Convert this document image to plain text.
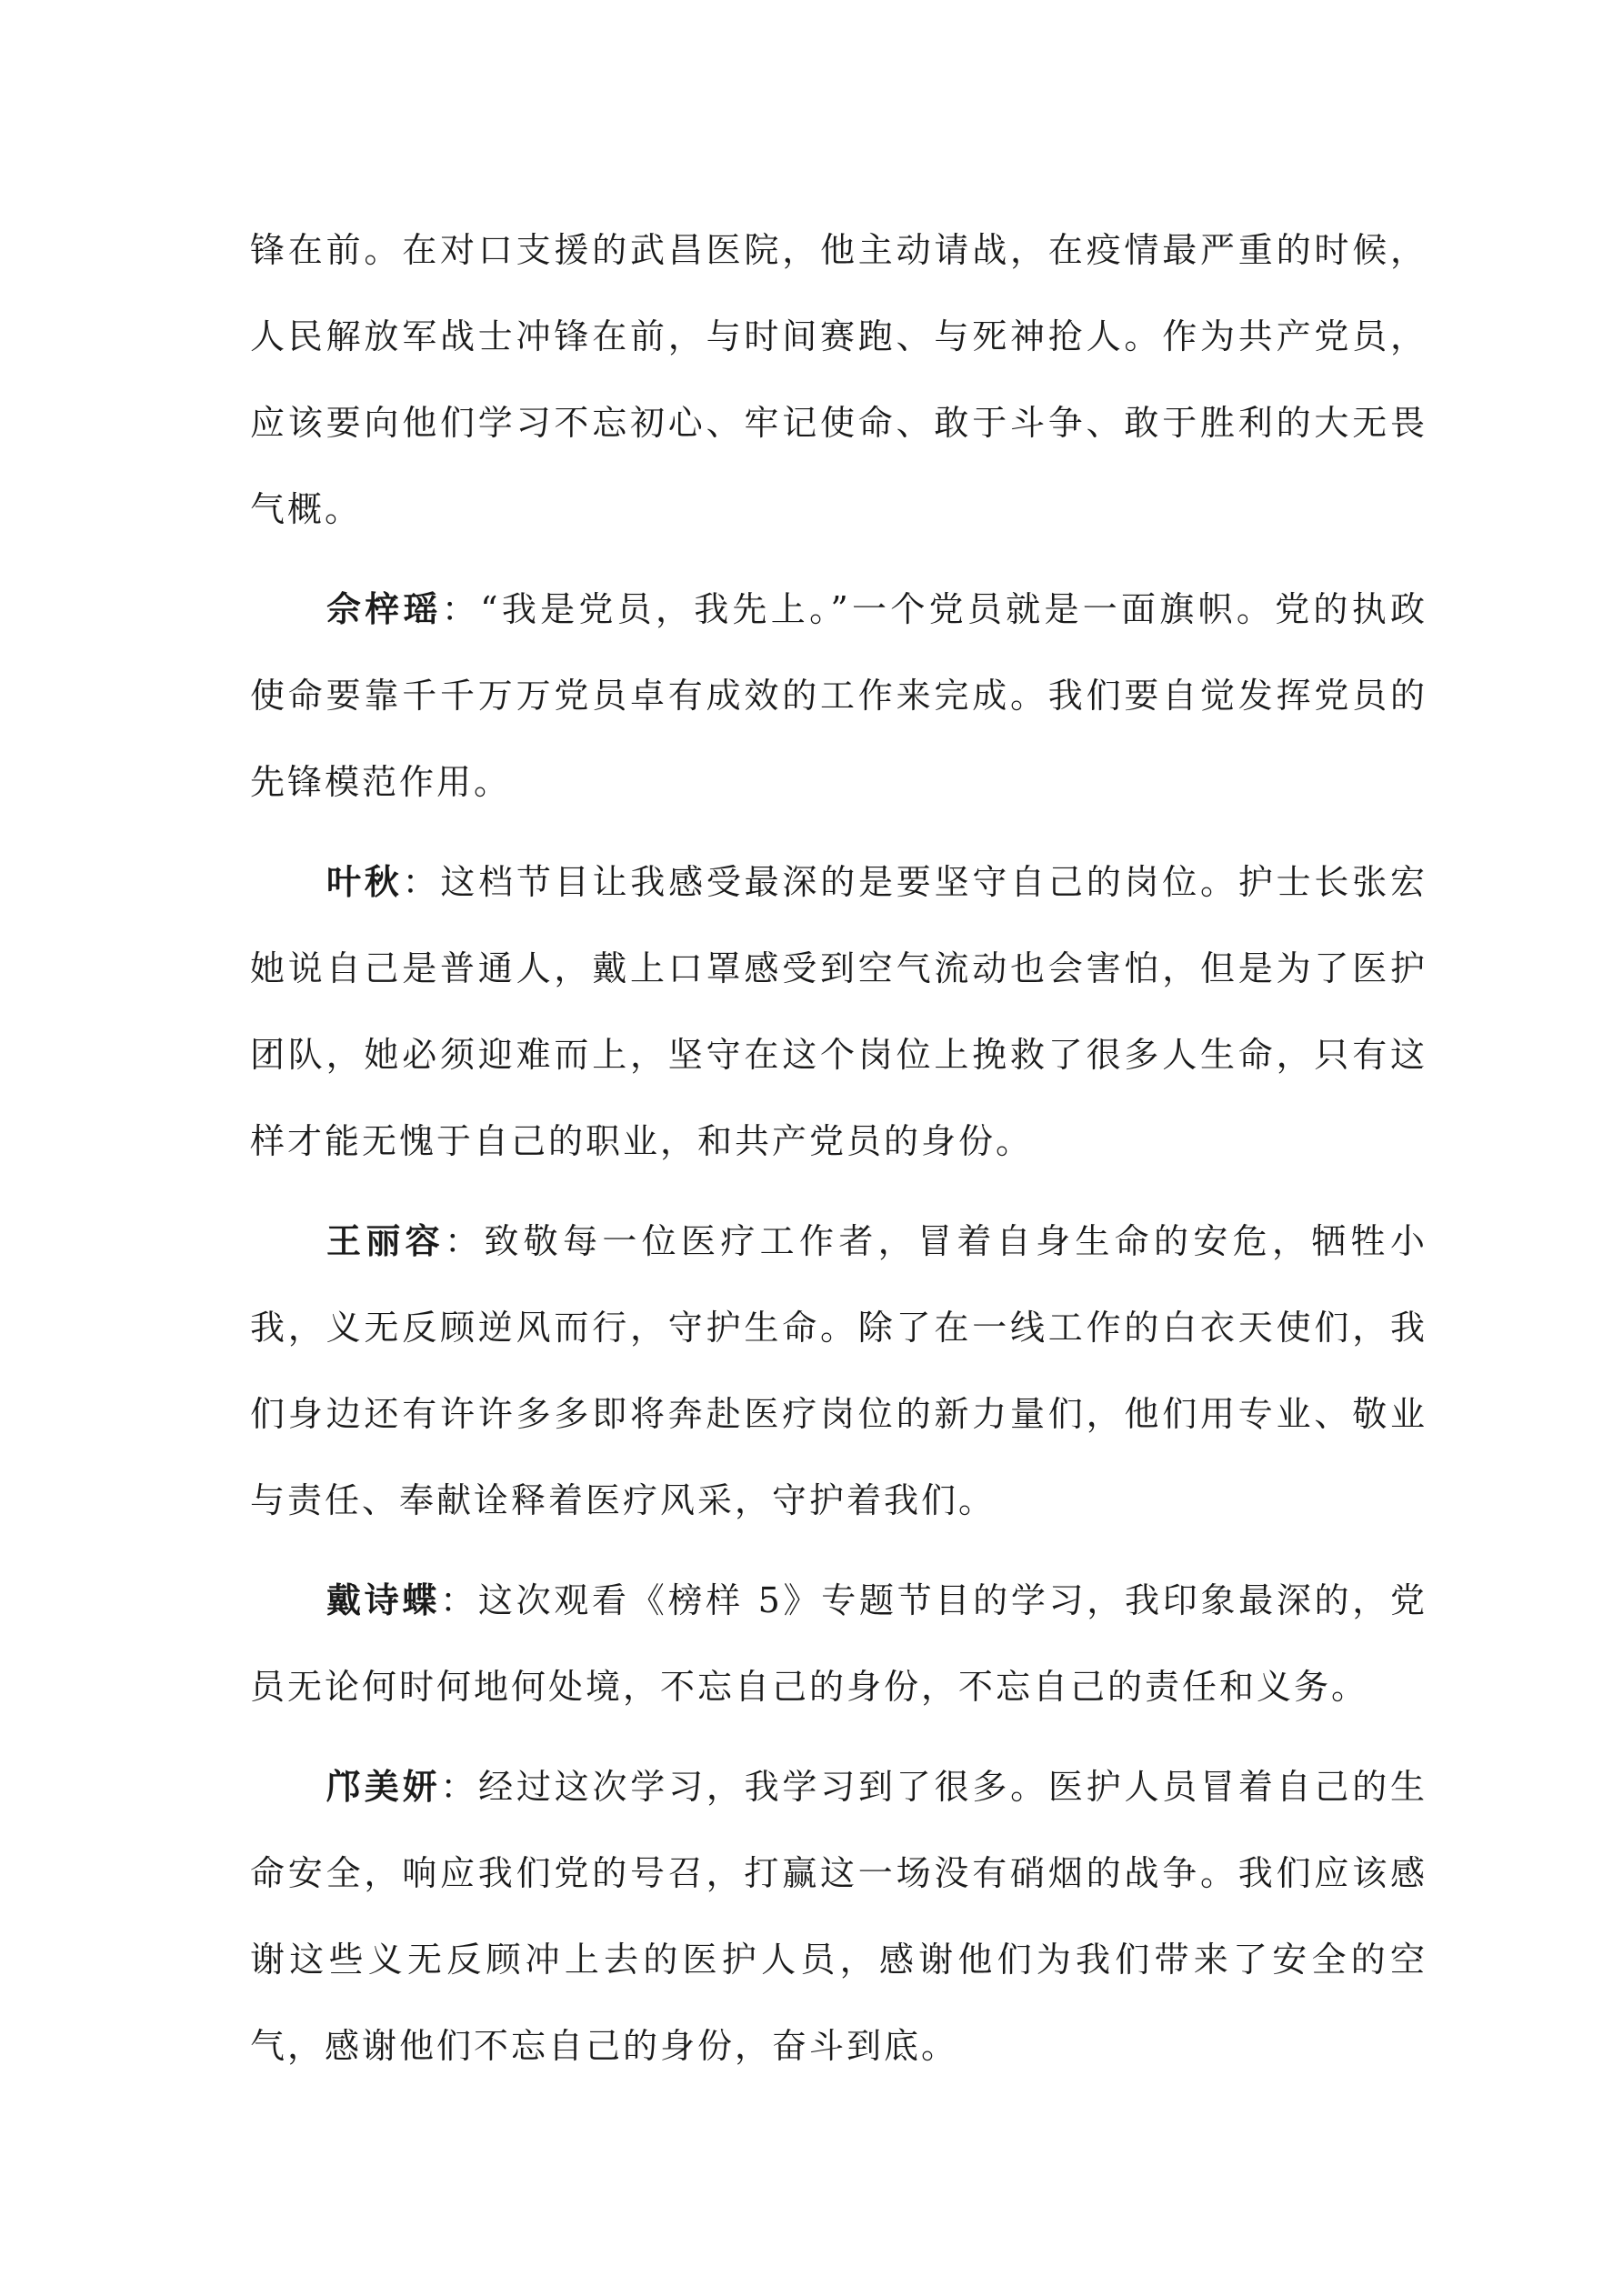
锋在前。在对口支援的武昌医院，他主动请战，在疫情最严重的时候，人民解放军战士冲锋在前，与时间赛跑、与死神抢人。作为共产党员，应该要向他们学习不忘初心、牢记使命、敢于斗争、敢于胜利的大无畏气概。

佘梓瑶：“我是党员，我先上。”一个党员就是一面旗帜。党的执政使命要靠千千万万党员卓有成效的工作来完成。我们要自觉发挥党员的先锋模范作用。

叶秋：这档节目让我感受最深的是要坚守自己的岗位。护士长张宏她说自己是普通人，戴上口罩感受到空气流动也会害怕，但是为了医护团队，她必须迎难而上，坚守在这个岗位上挽救了很多人生命，只有这样才能无愧于自己的职业，和共产党员的身份。

王丽容：致敬每一位医疗工作者，冒着自身生命的安危，牺牲小我，义无反顾逆风而行，守护生命。除了在一线工作的白衣天使们，我们身边还有许许多多即将奔赴医疗岗位的新力量们，他们用专业、敬业与责任、奉献诠释着医疗风采，守护着我们。

戴诗蝶：这次观看《榜样 5》专题节目的学习，我印象最深的，党员无论何时何地何处境，不忘自己的身份，不忘自己的责任和义务。

邝美妍：经过这次学习，我学习到了很多。医护人员冒着自己的生命安全，响应我们党的号召，打赢这一场没有硝烟的战争。我们应该感谢这些义无反顾冲上去的医护人员，感谢他们为我们带来了安全的空气，感谢他们不忘自己的身份，奋斗到底。
